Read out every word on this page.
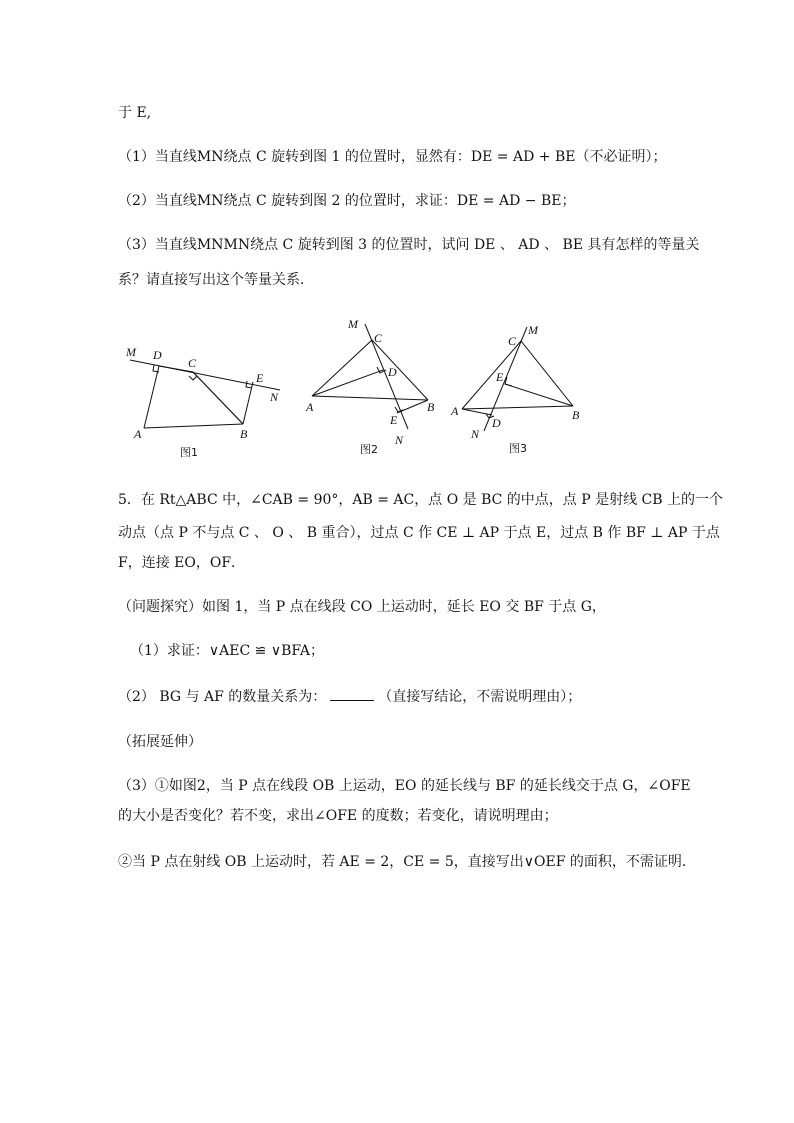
于 E,
（1）当直线MN绕点 C 旋转到图 1 的位置时，显然有：DE = AD + BE（不必证明）；
（2）当直线MN绕点 C 旋转到图 2 的位置时，求证：DE = AD − BE；
（3）当直线MNMN绕点 C 旋转到图 3 的位置时，试问 DE 、 AD 、 BE 具有怎样的等量关
系？请直接写出这个等量关系．
M D
C
E
N
A	B
图1
M
C
D
A	B
E
N
图2
M
C
E
A
N
D
B
图3
5．在 Rt△ABC 中，∠CAB = 90°，AB = AC，点 O 是 BC 的中点，点 P 是射线 CB 上的一个
动点（点 P 不与点 C 、 O 、 B 重合），过点 C 作 CE ⊥ AP 于点 E，过点 B 作 BF ⊥ AP 于点
F，连接 EO，OF．
（问题探究）如图 1，当 P 点在线段 CO 上运动时，延长 EO 交 BF 于点 G，
（1）求证：∨AEC ≌ ∨BFA；
（2） BG 与 AF 的数量关系为：	（直接写结论，不需说明理由）；
（拓展延伸）
（3）①如图2，当 P 点在线段 OB 上运动，EO 的延长线与 BF 的延长线交于点 G，∠OFE
的大小是否变化？若不变，求出∠OFE 的度数；若变化，请说明理由；
②当 P 点在射线 OB 上运动时，若 AE = 2，CE = 5，直接写出∨OEF 的面积，不需证明．
